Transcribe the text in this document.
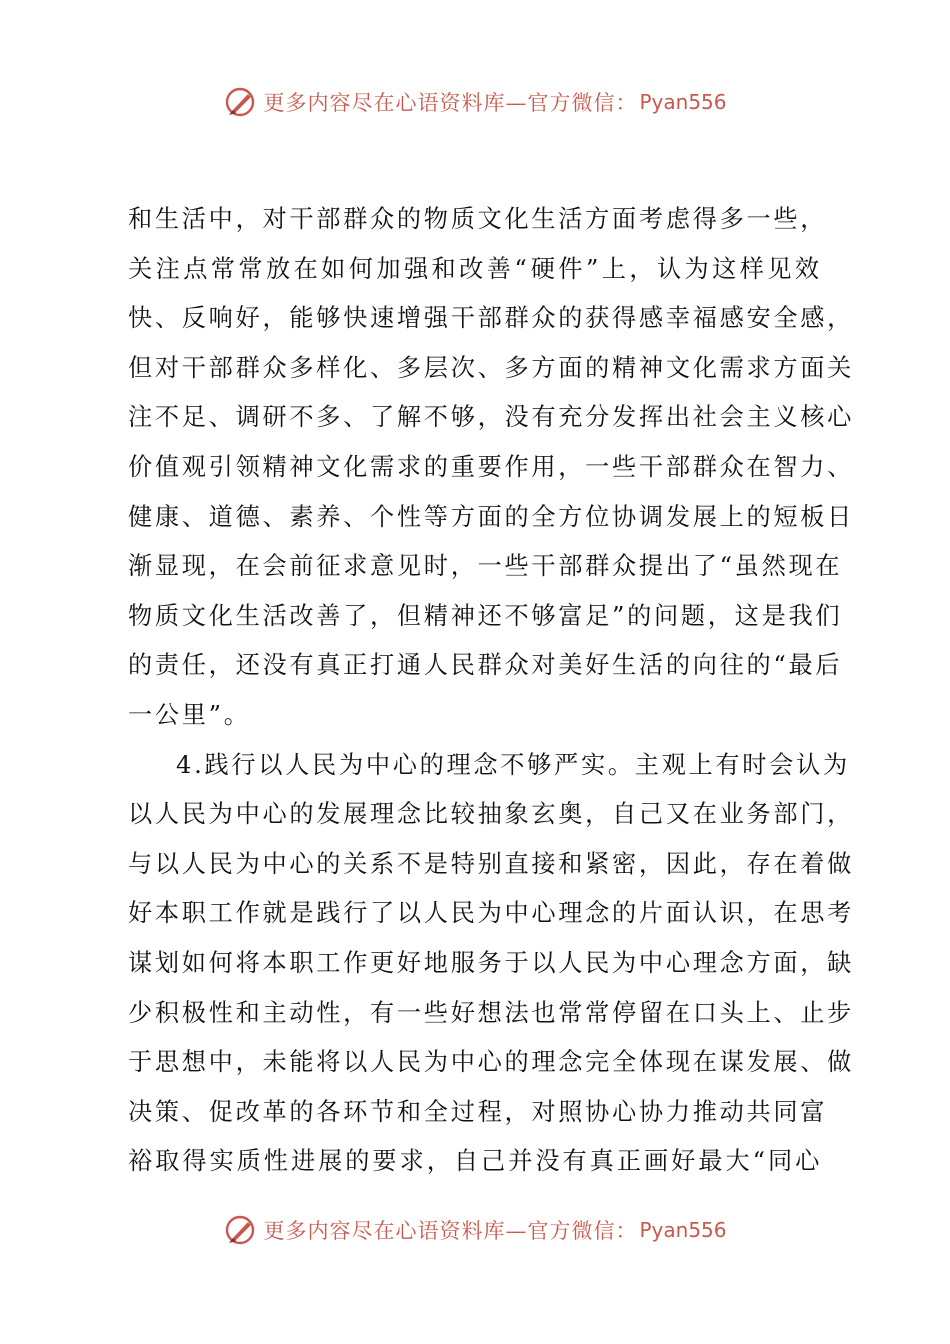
更多内容尽在心语资料库—官方微信： Pyan556
和 生 活 中 ， 对 干 部 群 众 的 物 质 文 化 生 活 方 面 考 虑 得 多 一 些 ，
关 注 点 常 常 放 在 如 何 加 强 和 改 善 “ 硬 件 ” 上 ， 认 为 这 样 见 效
快 、 反 响 好 ， 能 够 快 速 增 强 干 部 群 众 的 获 得 感 幸 福 感 安 全 感 ，
但 对 干 部 群 众 多 样 化 、 多 层 次 、 多 方 面 的 精 神 文 化 需 求 方 面 关
注 不 足 、 调 研 不 多 、 了 解 不 够 ， 没 有 充 分 发 挥 出 社 会 主 义 核 心
价 值 观 引 领 精 神 文 化 需 求 的 重 要 作 用 ， 一 些 干 部 群 众 在 智 力 、
健 康 、 道 德 、 素 养 、 个 性 等 方 面 的 全 方 位 协 调 发 展 上 的 短 板 日
渐 显 现 ， 在 会 前 征 求 意 见 时 ， 一 些 干 部 群 众 提 出 了 “ 虽 然 现 在
物 质 文 化 生 活 改 善 了 ， 但 精 神 还 不 够 富 足 ” 的 问 题 ， 这 是 我 们
的 责 任 ， 还 没 有 真 正 打 通 人 民 群 众 对 美 好 生 活 的 向 往 的 “ 最 后
一公里”。
4 . 践 行 以 人 民 为 中 心 的 理 念 不 够 严 实 。 主 观 上 有 时 会 认 为
以 人 民 为 中 心 的 发 展 理 念 比 较 抽 象 玄 奥 ， 自 己 又 在 业 务 部 门 ，
与 以 人 民 为 中 心 的 关 系 不 是 特 别 直 接 和 紧 密 ， 因 此 ， 存 在 着 做
好 本 职 工 作 就 是 践 行 了 以 人 民 为 中 心 理 念 的 片 面 认 识 ， 在 思 考
谋 划 如 何 将 本 职 工 作 更 好 地 服 务 于 以 人 民 为 中 心 理 念 方 面 ， 缺
少 积 极 性 和 主 动 性 ， 有 一 些 好 想 法 也 常 常 停 留 在 口 头 上 、 止 步
于 思 想 中 ， 未 能 将 以 人 民 为 中 心 的 理 念 完 全 体 现 在 谋 发 展 、 做
决 策 、 促 改 革 的 各 环 节 和 全 过 程 ， 对 照 协 心 协 力 推 动 共 同 富
裕 取 得 实 质 性 进 展 的 要 求 ， 自 己 并 没 有 真 正 画 好 最 大 “ 同 心
更多内容尽在心语资料库—官方微信： Pyan556
